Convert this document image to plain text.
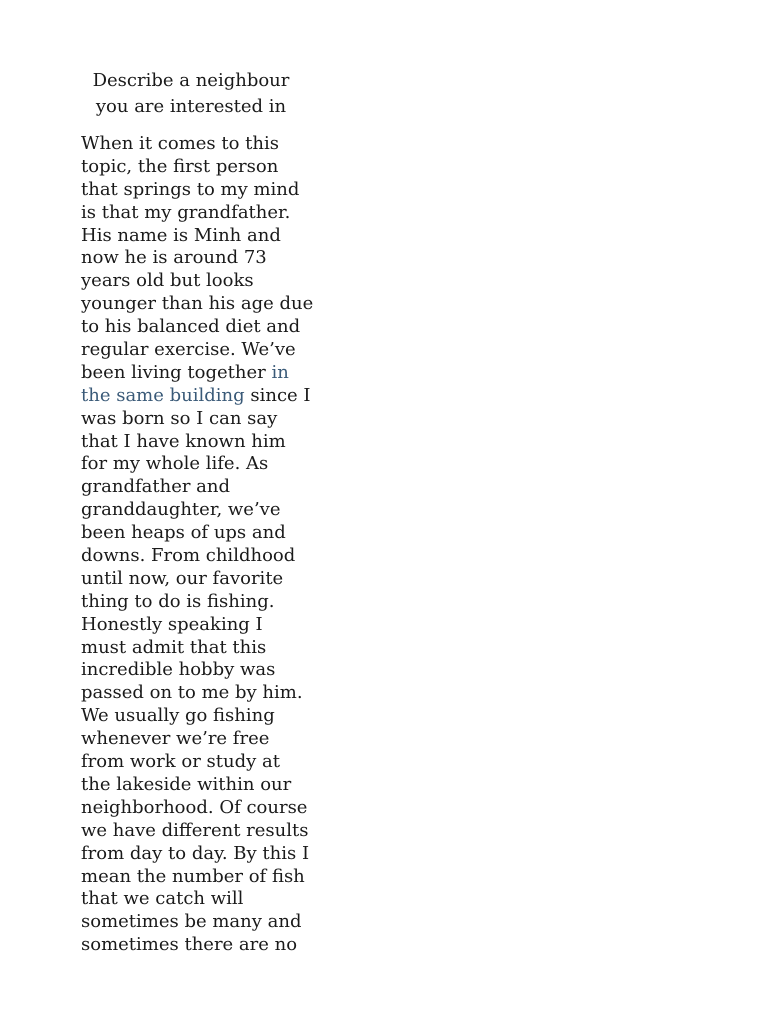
Describe a neighbour
you are interested in
When it comes to this
topic, the first person
that springs to my mind
is that my grandfather.
His name is Minh and
now he is around 73
years old but looks
younger than his age due
to his balanced diet and
regular exercise. We’ve
been living together in
the same building since I
was born so I can say
that I have known him
for my whole life. As
grandfather and
granddaughter, we’ve
been heaps of ups and
downs. From childhood
until now, our favorite
thing to do is fishing.
Honestly speaking I
must admit that this
incredible hobby was
passed on to me by him.
We usually go fishing
whenever we’re free
from work or study at
the lakeside within our
neighborhood. Of course
we have different results
from day to day. By this I
mean the number of fish
that we catch will
sometimes be many and
sometimes there are no
